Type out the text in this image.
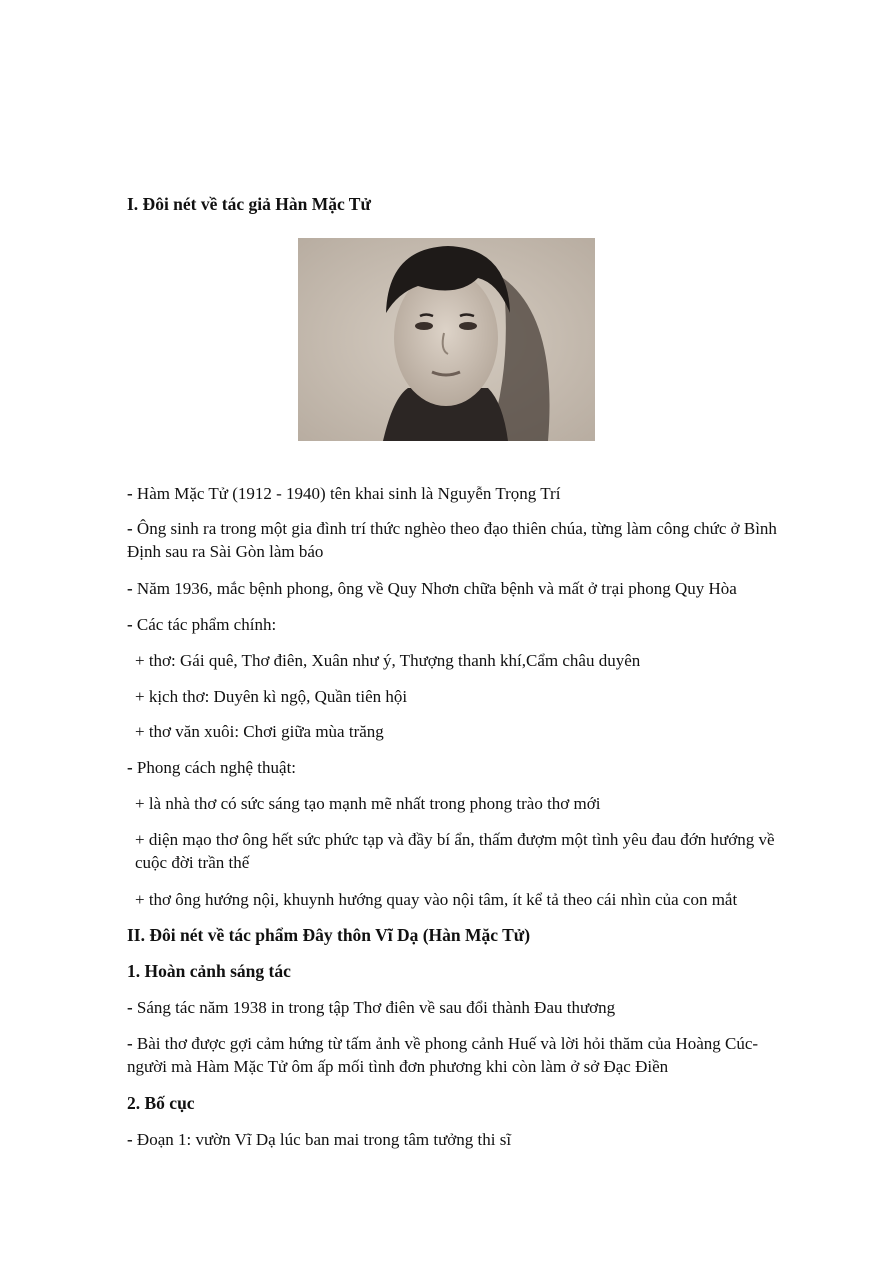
I. Đôi nét về tác giả Hàn Mặc Tử
- Hàm Mặc Tử (1912 - 1940) tên khai sinh là Nguyễn Trọng Trí
- Ông sinh ra trong một gia đình trí thức nghèo theo đạo thiên chúa, từng làm công chức ở Bình Định sau ra Sài Gòn làm báo
- Năm 1936, mắc bệnh phong, ông về Quy Nhơn chữa bệnh và mất ở trại phong Quy Hòa
- Các tác phẩm chính:
+ thơ: Gái quê, Thơ điên, Xuân như ý, Thượng thanh khí,Cẩm châu duyên
+ kịch thơ: Duyên kì ngộ, Quần tiên hội
+ thơ văn xuôi: Chơi giữa mùa trăng
- Phong cách nghệ thuật:
+ là nhà thơ có sức sáng tạo mạnh mẽ nhất trong phong trào thơ mới
+ diện mạo thơ ông hết sức phức tạp và đầy bí ẩn, thấm đượm một tình yêu đau đớn hướng về cuộc đời trần thế
+ thơ ông hướng nội, khuynh hướng quay vào nội tâm, ít kể tả theo cái nhìn của con mắt
II. Đôi nét về tác phẩm Đây thôn Vĩ Dạ (Hàn Mặc Tử)
1. Hoàn cảnh sáng tác
- Sáng tác năm 1938 in trong tập Thơ điên về sau đổi thành Đau thương
- Bài thơ được gợi cảm hứng từ tấm ảnh về phong cảnh Huế và lời hỏi thăm của Hoàng Cúc- người mà Hàm Mặc Tử ôm ấp mối tình đơn phương khi còn làm ở sở Đạc Điền
2. Bố cục
- Đoạn 1: vườn Vĩ Dạ lúc ban mai trong tâm tưởng thi sĩ
